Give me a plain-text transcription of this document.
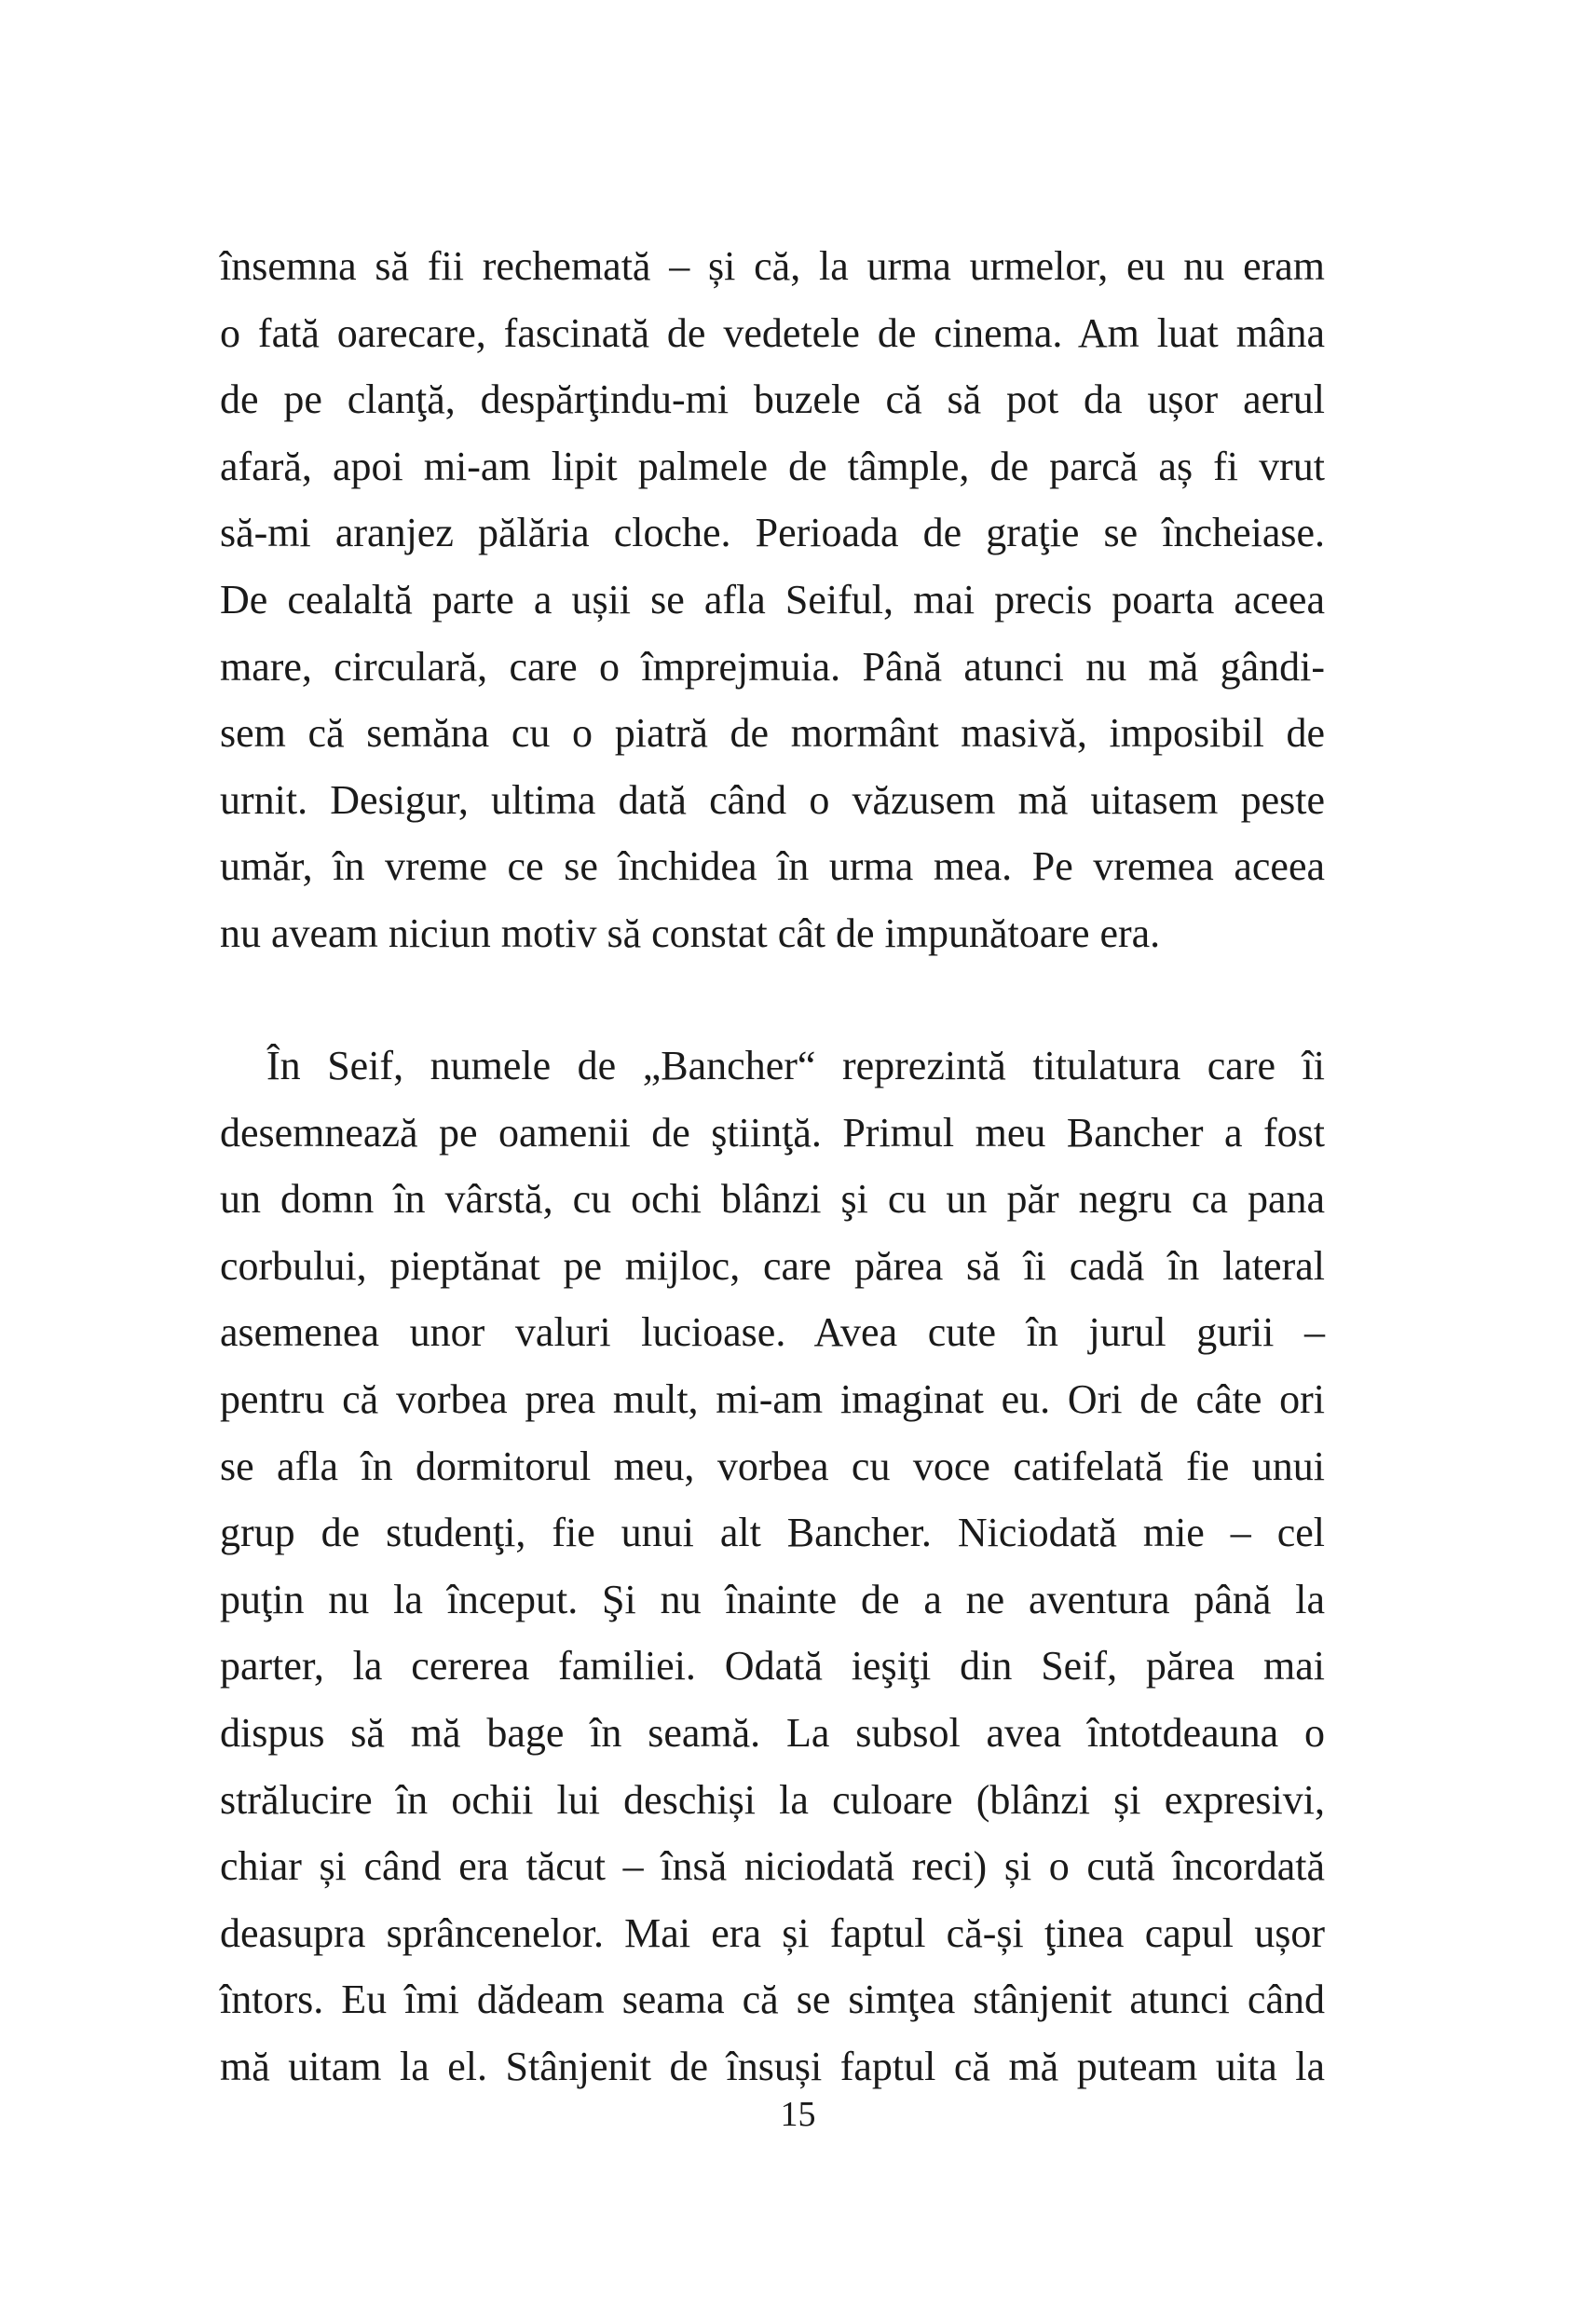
însemna să fii rechemată – și că, la urma urmelor, eu nu eram
o fată oarecare, fascinată de vedetele de cinema. Am luat mâna
de pe clanţă, despărţindu-mi buzele că să pot da ușor aerul
afară, apoi mi-am lipit palmele de tâmple, de parcă aș fi vrut
să-mi aranjez pălăria cloche. Perioada de graţie se încheiase.
De cealaltă parte a ușii se afla Seiful, mai precis poarta aceea
mare, circulară, care o împrejmuia. Până atunci nu mă gândi-
sem că semăna cu o piatră de mormânt masivă, imposibil de
urnit. Desigur, ultima dată când o văzusem mă uitasem peste
umăr, în vreme ce se închidea în urma mea. Pe vremea aceea
nu aveam niciun motiv să constat cât de impunătoare era.
În Seif, numele de „Bancher“ reprezintă titulatura care îi
desemnează pe oamenii de ştiinţă. Primul meu Bancher a fost
un domn în vârstă, cu ochi blânzi şi cu un păr negru ca pana
corbului, pieptănat pe mijloc, care părea să îi cadă în lateral
asemenea unor valuri lucioase. Avea cute în jurul gurii –
pentru că vorbea prea mult, mi-am imaginat eu. Ori de câte ori
se afla în dormitorul meu, vorbea cu voce catifelată fie unui
grup de studenţi, fie unui alt Bancher. Niciodată mie – cel
puţin nu la început. Şi nu înainte de a ne aventura până la
parter, la cererea familiei. Odată ieşiţi din Seif, părea mai
dispus să mă bage în seamă. La subsol avea întotdeauna o
strălucire în ochii lui deschiși la culoare (blânzi și expresivi,
chiar și când era tăcut – însă niciodată reci) și o cută încordată
deasupra sprâncenelor. Mai era și faptul că-și ţinea capul ușor
întors. Eu îmi dădeam seama că se simţea stânjenit atunci când
mă uitam la el. Stânjenit de însuși faptul că mă puteam uita la
15
